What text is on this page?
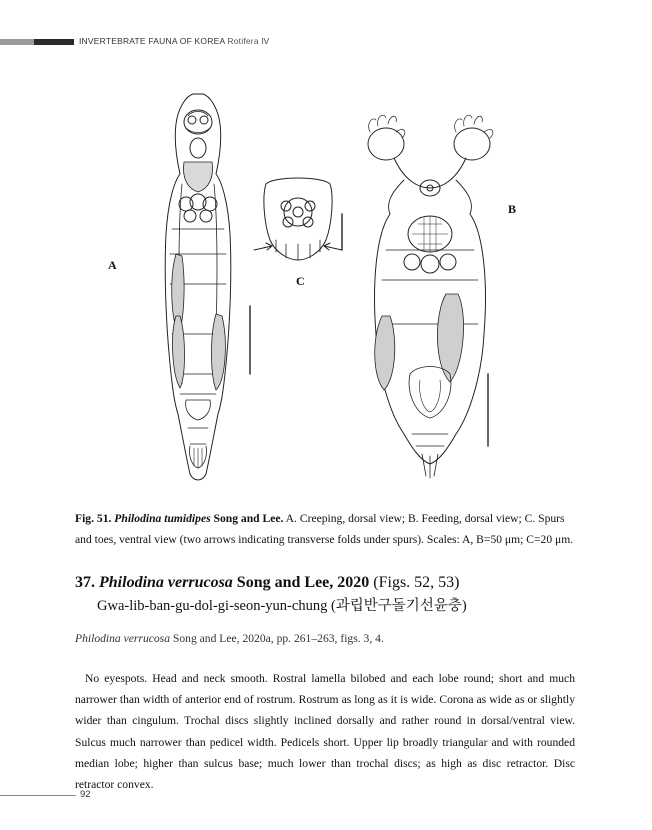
INVERTEBRATE FAUNA OF KOREA Rotifera Ⅳ
A
C
B
Fig. 51. Philodina tumidipes Song and Lee. A. Creeping, dorsal view; B. Feeding, dorsal view; C. Spurs and toes, ventral view (two arrows indicating transverse folds under spurs). Scales: A, B=50 μm; C=20 μm.
37. Philodina verrucosa Song and Lee, 2020 (Figs. 52, 53)
Gwa-lib-ban-gu-dol-gi-seon-yun-chung (과립반구돌기선윤충)
Philodina verrucosa Song and Lee, 2020a, pp. 261–263, figs. 3, 4.
No eyespots. Head and neck smooth. Rostral lamella bilobed and each lobe round; short and much narrower than width of anterior end of rostrum. Rostrum as long as it is wide. Corona as wide as or slightly wider than cingulum. Trochal discs slightly inclined dorsally and rather round in dorsal/ventral view. Sulcus much narrower than pedicel width. Pedicels short. Upper lip broadly triangular and with rounded median lobe; higher than sulcus base; much lower than trochal discs; as high as disc retractor. Disc retractor convex.
92
